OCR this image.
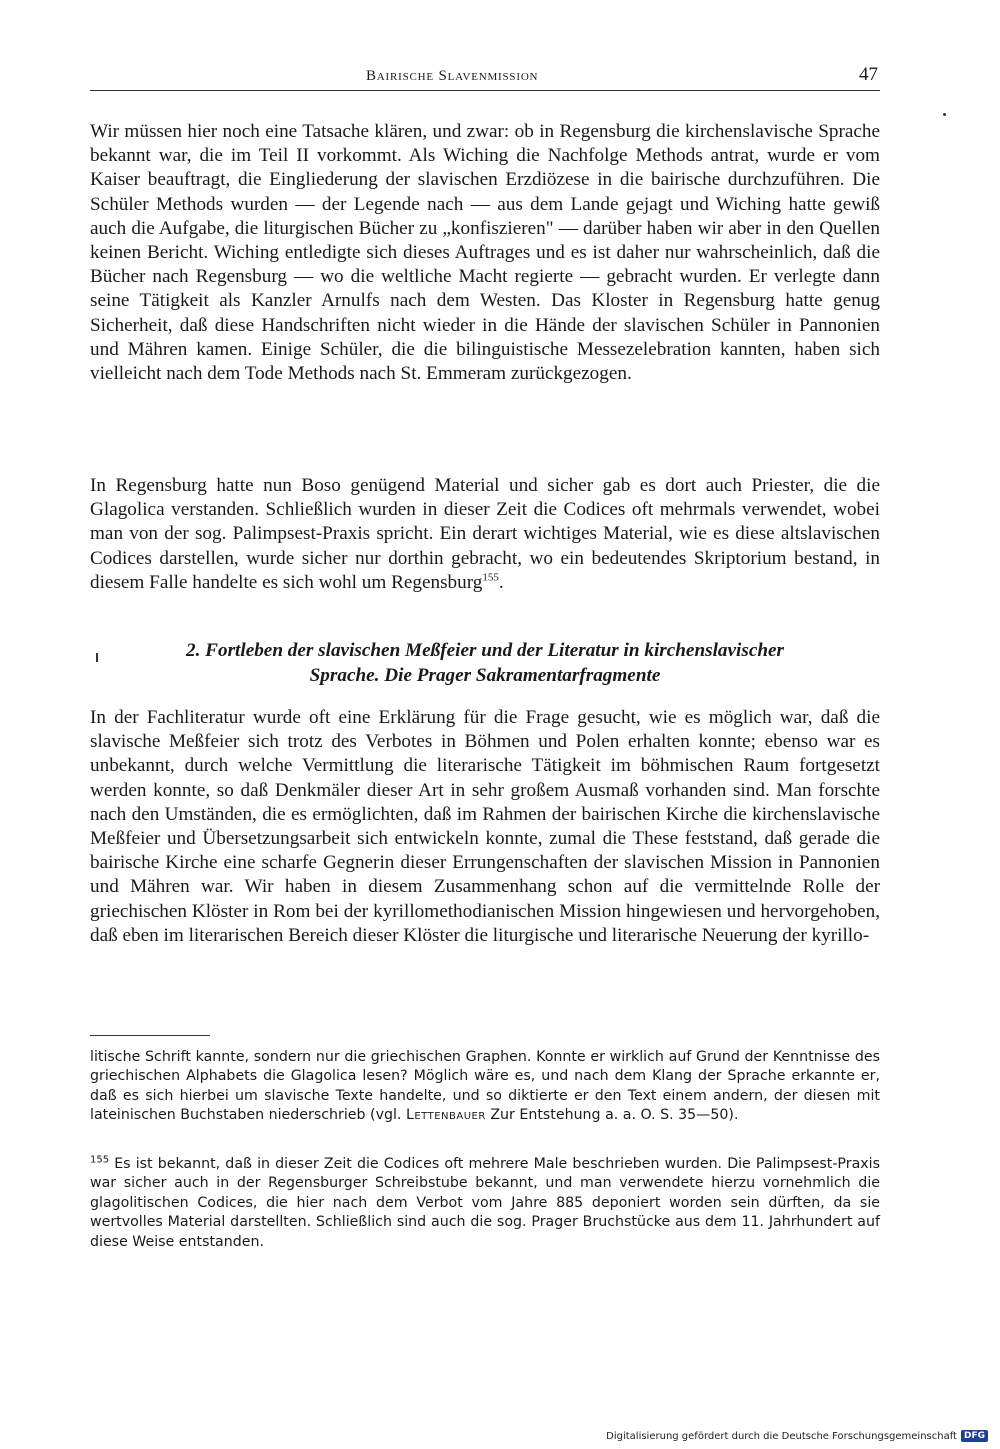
Bairische Slavenmission	47

Wir müssen hier noch eine Tatsache klären, und zwar: ob in Regensburg die kirchenslavische Sprache bekannt war, die im Teil II vorkommt. Als Wiching die Nachfolge Methods antrat, wurde er vom Kaiser beauftragt, die Eingliederung der slavischen Erzdiözese in die bairische durchzuführen. Die Schüler Methods wurden — der Legende nach — aus dem Lande gejagt und Wiching hatte gewiß auch die Aufgabe, die liturgischen Bücher zu „konfiszieren" — darüber haben wir aber in den Quellen keinen Bericht. Wiching entledigte sich dieses Auftrages und es ist daher nur wahrscheinlich, daß die Bücher nach Regensburg — wo die weltliche Macht regierte — gebracht wurden. Er verlegte dann seine Tätigkeit als Kanzler Arnulfs nach dem Westen. Das Kloster in Regensburg hatte genug Sicherheit, daß diese Handschriften nicht wieder in die Hände der slavischen Schüler in Pannonien und Mähren kamen. Einige Schüler, die die bilinguistische Messezelebration kannten, haben sich vielleicht nach dem Tode Methods nach St. Emmeram zurückgezogen.

In Regensburg hatte nun Boso genügend Material und sicher gab es dort auch Priester, die die Glagolica verstanden. Schließlich wurden in dieser Zeit die Codices oft mehrmals verwendet, wobei man von der sog. Palimpsest-Praxis spricht. Ein derart wichtiges Material, wie es diese altslavischen Codices darstellen, wurde sicher nur dorthin gebracht, wo ein bedeutendes Skriptorium bestand, in diesem Falle handelte es sich wohl um Regensburg$^{155}$.

2. Fortleben der slavischen Meßfeier und der Literatur in kirchenslavischer
Sprache. Die Prager Sakramentarfragmente

In der Fachliteratur wurde oft eine Erklärung für die Frage gesucht, wie es möglich war, daß die slavische Meßfeier sich trotz des Verbotes in Böhmen und Polen erhalten konnte; ebenso war es unbekannt, durch welche Vermittlung die literarische Tätigkeit im böhmischen Raum fortgesetzt werden konnte, so daß Denkmäler dieser Art in sehr großem Ausmaß vorhanden sind. Man forschte nach den Umständen, die es ermöglichten, daß im Rahmen der bairischen Kirche die kirchenslavische Meßfeier und Übersetzungsarbeit sich entwickeln konnte, zumal die These feststand, daß gerade die bairische Kirche eine scharfe Gegnerin dieser Errungenschaften der slavischen Mission in Pannonien und Mähren war. Wir haben in diesem Zusammenhang schon auf die vermittelnde Rolle der griechischen Klöster in Rom bei der kyrillomethodianischen Mission hingewiesen und hervorgehoben, daß eben im literarischen Bereich dieser Klöster die liturgische und literarische Neuerung der kyrillo-

litische Schrift kannte, sondern nur die griechischen Graphen. Konnte er wirklich auf Grund der Kenntnisse des griechischen Alphabets die Glagolica lesen? Möglich wäre es, und nach dem Klang der Sprache erkannte er, daß es sich hierbei um slavische Texte handelte, und so diktierte er den Text einem andern, der diesen mit lateinischen Buchstaben niederschrieb (vgl. Lettenbauer Zur Entstehung a. a. O. S. 35—50).

$^{155}$ Es ist bekannt, daß in dieser Zeit die Codices oft mehrere Male beschrieben wurden. Die Palimpsest-Praxis war sicher auch in der Regensburger Schreibstube bekannt, und man verwendete hierzu vornehmlich die glagolitischen Codices, die hier nach dem Verbot vom Jahre 885 deponiert worden sein dürften, da sie wertvolles Material darstellten. Schließlich sind auch die sog. Prager Bruchstücke aus dem 11. Jahrhundert auf diese Weise entstanden.

Digitalisierung gefördert durch die Deutsche Forschungsgemeinschaft DFG
